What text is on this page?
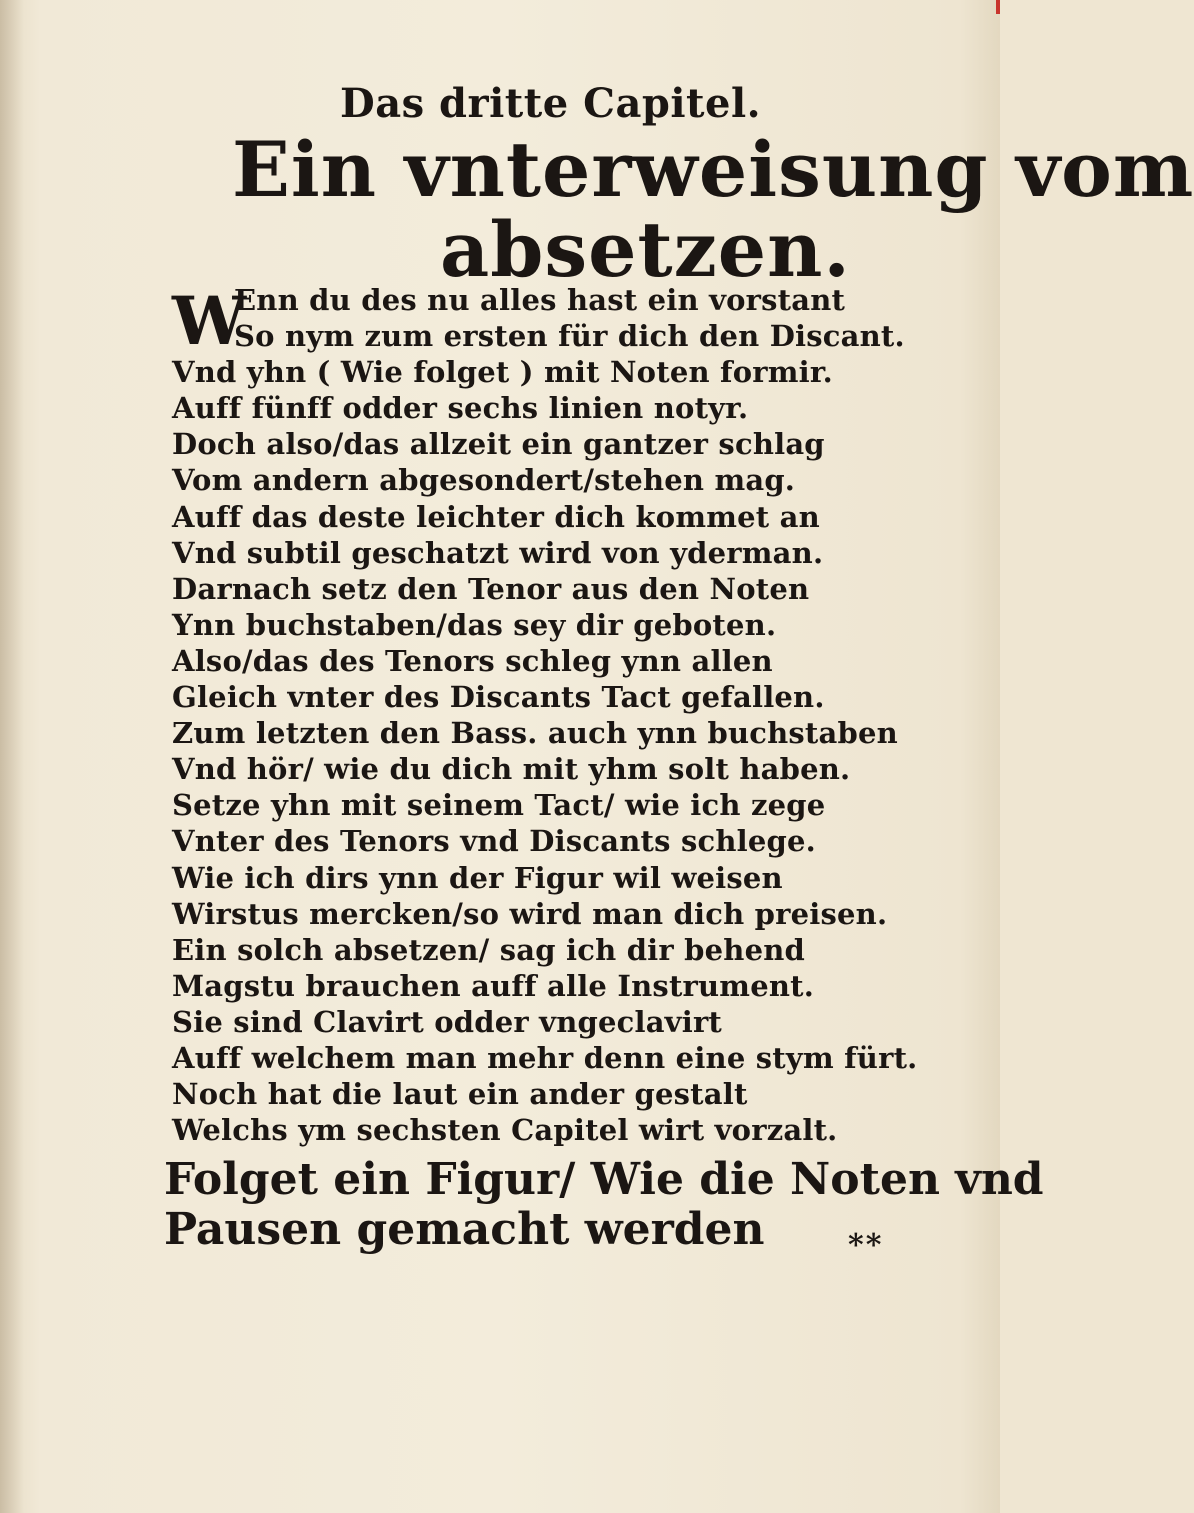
Das dritte Capitel.
Ein vnterweisung vom
absetzen.
W
Enn du des nu alles hast ein vorstant
So nym zum ersten für dich den Discant.
Vnd yhn ( Wie folget ) mit Noten formir.
Auff fünff odder sechs linien notyr.
Doch also/das allzeit ein gantzer schlag
Vom andern abgesondert/stehen mag.
Auff das deste leichter dich kommet an
Vnd subtil geschatzt wird von yderman.
Darnach setz den Tenor aus den Noten
Ynn buchstaben/das sey dir geboten.
Also/das des Tenors schleg ynn allen
Gleich vnter des Discants Tact gefallen.
Zum letzten den Bass. auch ynn buchstaben
Vnd hör/ wie du dich mit yhm solt haben.
Setze yhn mit seinem Tact/ wie ich zege
Vnter des Tenors vnd Discants schlege.
Wie ich dirs ynn der Figur wil weisen
Wirstus mercken/so wird man dich preisen.
Ein solch absetzen/ sag ich dir behend
Magstu brauchen auff alle Instrument.
Sie sind Clavirt odder vngeclavirt
Auff welchem man mehr denn eine stym fürt.
Noch hat die laut ein ander gestalt
Welchs ym sechsten Capitel wirt vorzalt.
Folget ein Figur/ Wie die Noten vnd
Pausen gemacht werden	**
